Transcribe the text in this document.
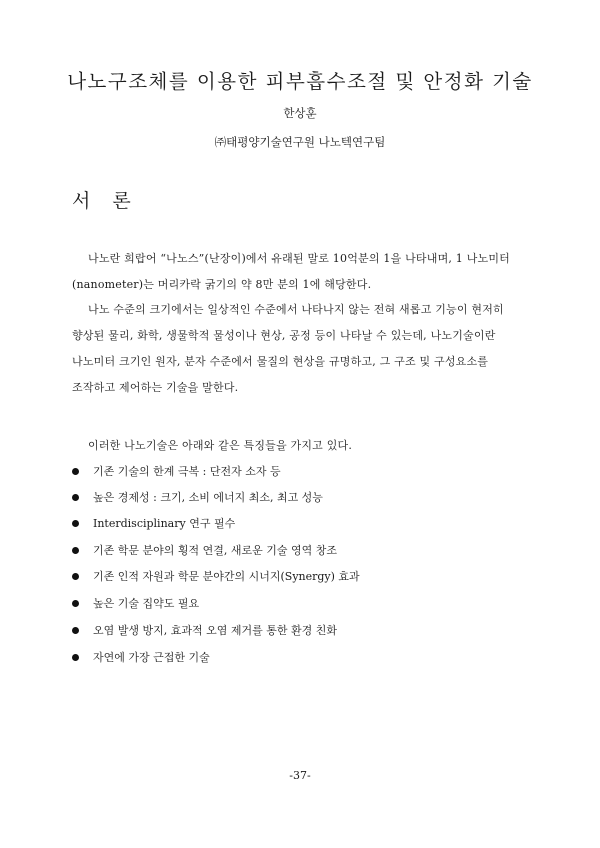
나노구조체를 이용한 피부흡수조절 및 안정화 기술
한상훈
㈜태평양기술연구원 나노텍연구팀
서 론
나노란 희랍어 “나노스”(난장이)에서 유래된 말로 10억분의 1을 나타내며, 1 나노미터
(nanometer)는 머리카락 굵기의 약 8만 분의 1에 해당한다.
나노 수준의 크기에서는 일상적인 수준에서 나타나지 않는 전혀 새롭고 기능이 현저히
향상된 물리, 화학, 생물학적 물성이나 현상, 공정 등이 나타날 수 있는데, 나노기술이란
나노미터 크기인 원자, 분자 수준에서 물질의 현상을 규명하고, 그 구조 및 구성요소를
조작하고 제어하는 기술을 말한다.
이러한 나노기술은 아래와 같은 특징들을 가지고 있다.
기존 기술의 한계 극복 : 단전자 소자 등
높은 경제성 : 크기, 소비 에너지 최소, 최고 성능
Interdisciplinary 연구 필수
기존 학문 분야의 횡적 연결, 새로운 기술 영역 창조
기존 인적 자원과 학문 분야간의 시너지(Synergy) 효과
높은 기술 집약도 필요
오염 발생 방지, 효과적 오염 제거를 통한 환경 친화
자연에 가장 근접한 기술
-37-
